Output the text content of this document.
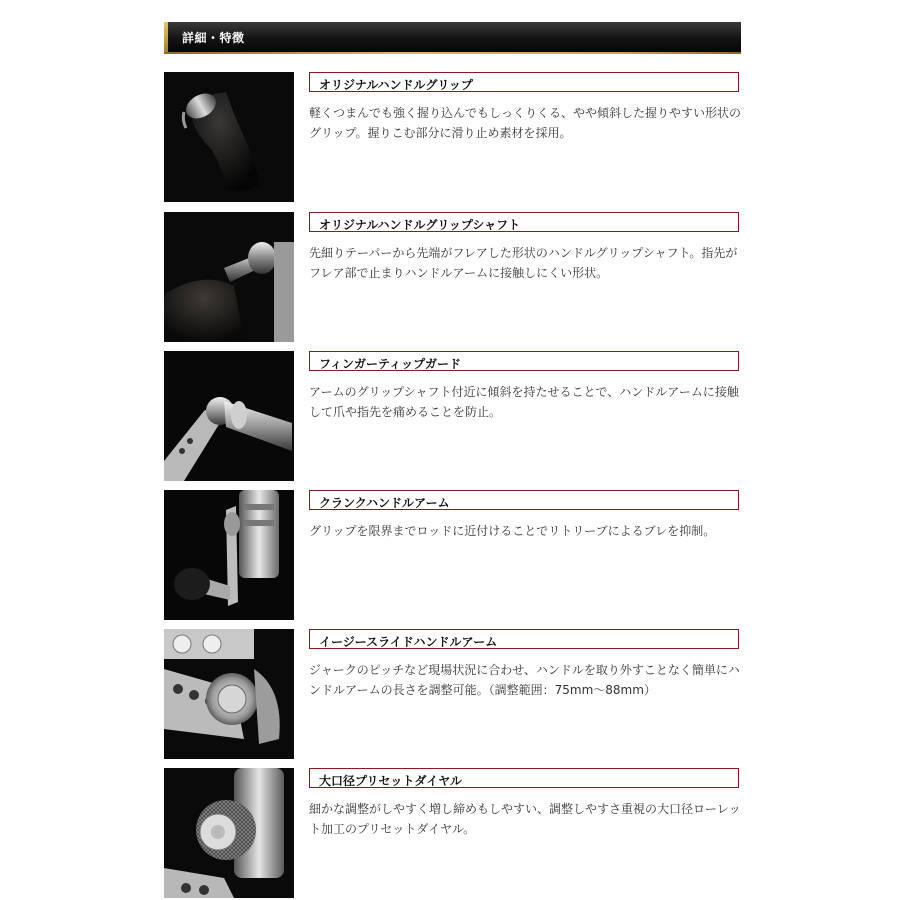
詳細・特徴
オリジナルハンドルグリップ

軽くつまんでも強く握り込んでもしっくりくる、やや傾斜した握りやすい形状のグリップ。握りこむ部分に滑り止め素材を採用。

オリジナルハンドルグリップシャフト

先細りテーパーから先端がフレアした形状のハンドルグリップシャフト。指先がフレア部で止まりハンドルアームに接触しにくい形状。

フィンガーティップガード

アームのグリップシャフト付近に傾斜を持たせることで、ハンドルアームに接触して爪や指先を痛めることを防止。

クランクハンドルアーム

グリップを限界までロッドに近付けることでリトリーブによるブレを抑制。

イージースライドハンドルアーム

ジャークのピッチなど現場状況に合わせ、ハンドルを取り外すことなく簡単にハンドルアームの長さを調整可能。（調整範囲：75mm～88mm）

大口径プリセットダイヤル

細かな調整がしやすく増し締めもしやすい、調整しやすさ重視の大口径ローレット加工のプリセットダイヤル。
